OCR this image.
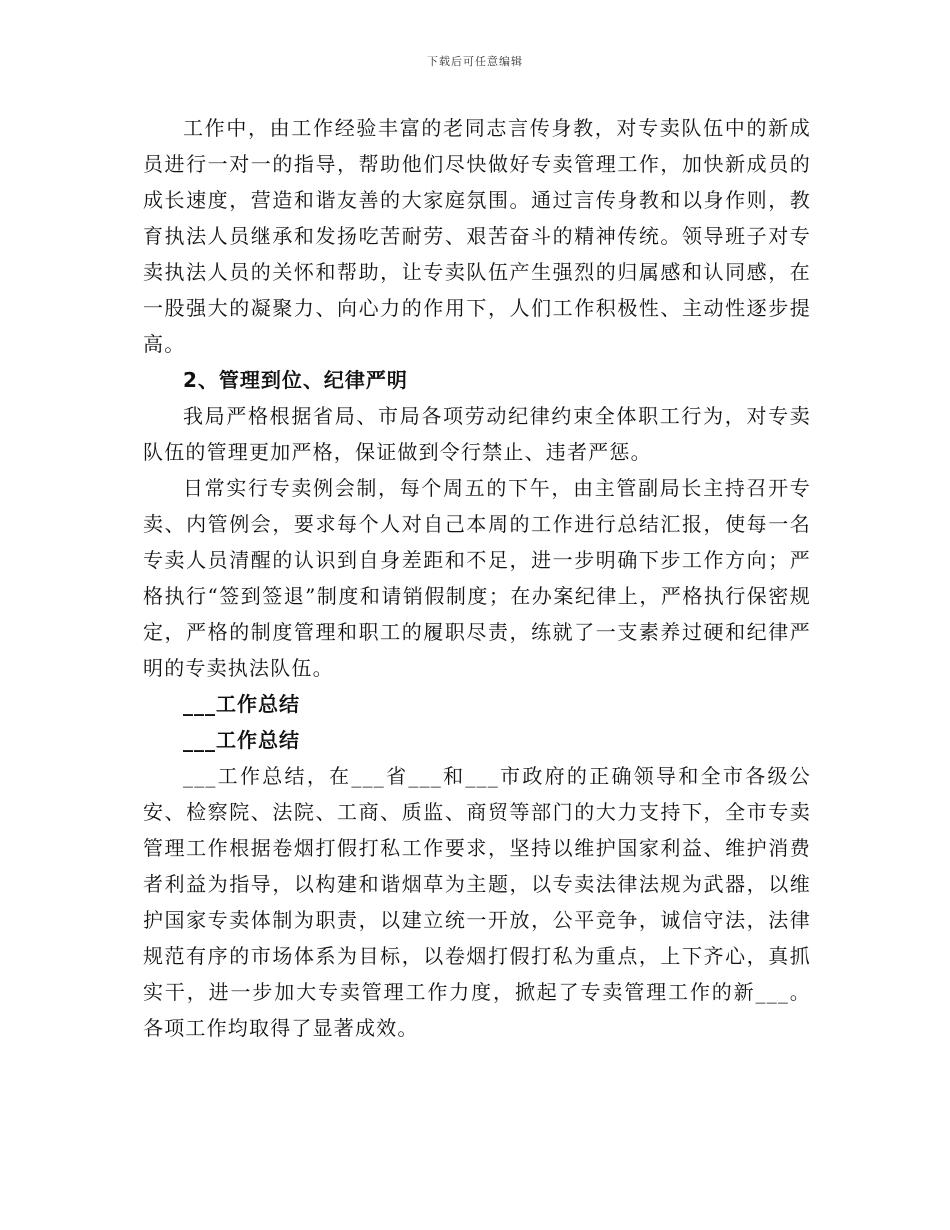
下载后可任意编辑

工作中，由工作经验丰富的老同志言传身教，对专卖队伍中的新成员进行一对一的指导，帮助他们尽快做好专卖管理工作，加快新成员的成长速度，营造和谐友善的大家庭氛围。通过言传身教和以身作则，教育执法人员继承和发扬吃苦耐劳、艰苦奋斗的精神传统。领导班子对专卖执法人员的关怀和帮助，让专卖队伍产生强烈的归属感和认同感，在一股强大的凝聚力、向心力的作用下，人们工作积极性、主动性逐步提高。

2、管理到位、纪律严明

我局严格根据省局、市局各项劳动纪律约束全体职工行为，对专卖队伍的管理更加严格，保证做到令行禁止、违者严惩。

日常实行专卖例会制，每个周五的下午，由主管副局长主持召开专卖、内管例会，要求每个人对自己本周的工作进行总结汇报，使每一名专卖人员清醒的认识到自身差距和不足，进一步明确下步工作方向；严格执行“签到签退”制度和请销假制度；在办案纪律上，严格执行保密规定，严格的制度管理和职工的履职尽责，练就了一支素养过硬和纪律严明的专卖执法队伍。

___工作总结

___工作总结

___工作总结，在___省___和___市政府的正确领导和全市各级公安、检察院、法院、工商、质监、商贸等部门的大力支持下，全市专卖管理工作根据卷烟打假打私工作要求，坚持以维护国家利益、维护消费者利益为指导，以构建和谐烟草为主题，以专卖法律法规为武器，以维护国家专卖体制为职责，以建立统一开放，公平竞争，诚信守法，法律规范有序的市场体系为目标，以卷烟打假打私为重点，上下齐心，真抓实干，进一步加大专卖管理工作力度，掀起了专卖管理工作的新___。各项工作均取得了显著成效。
